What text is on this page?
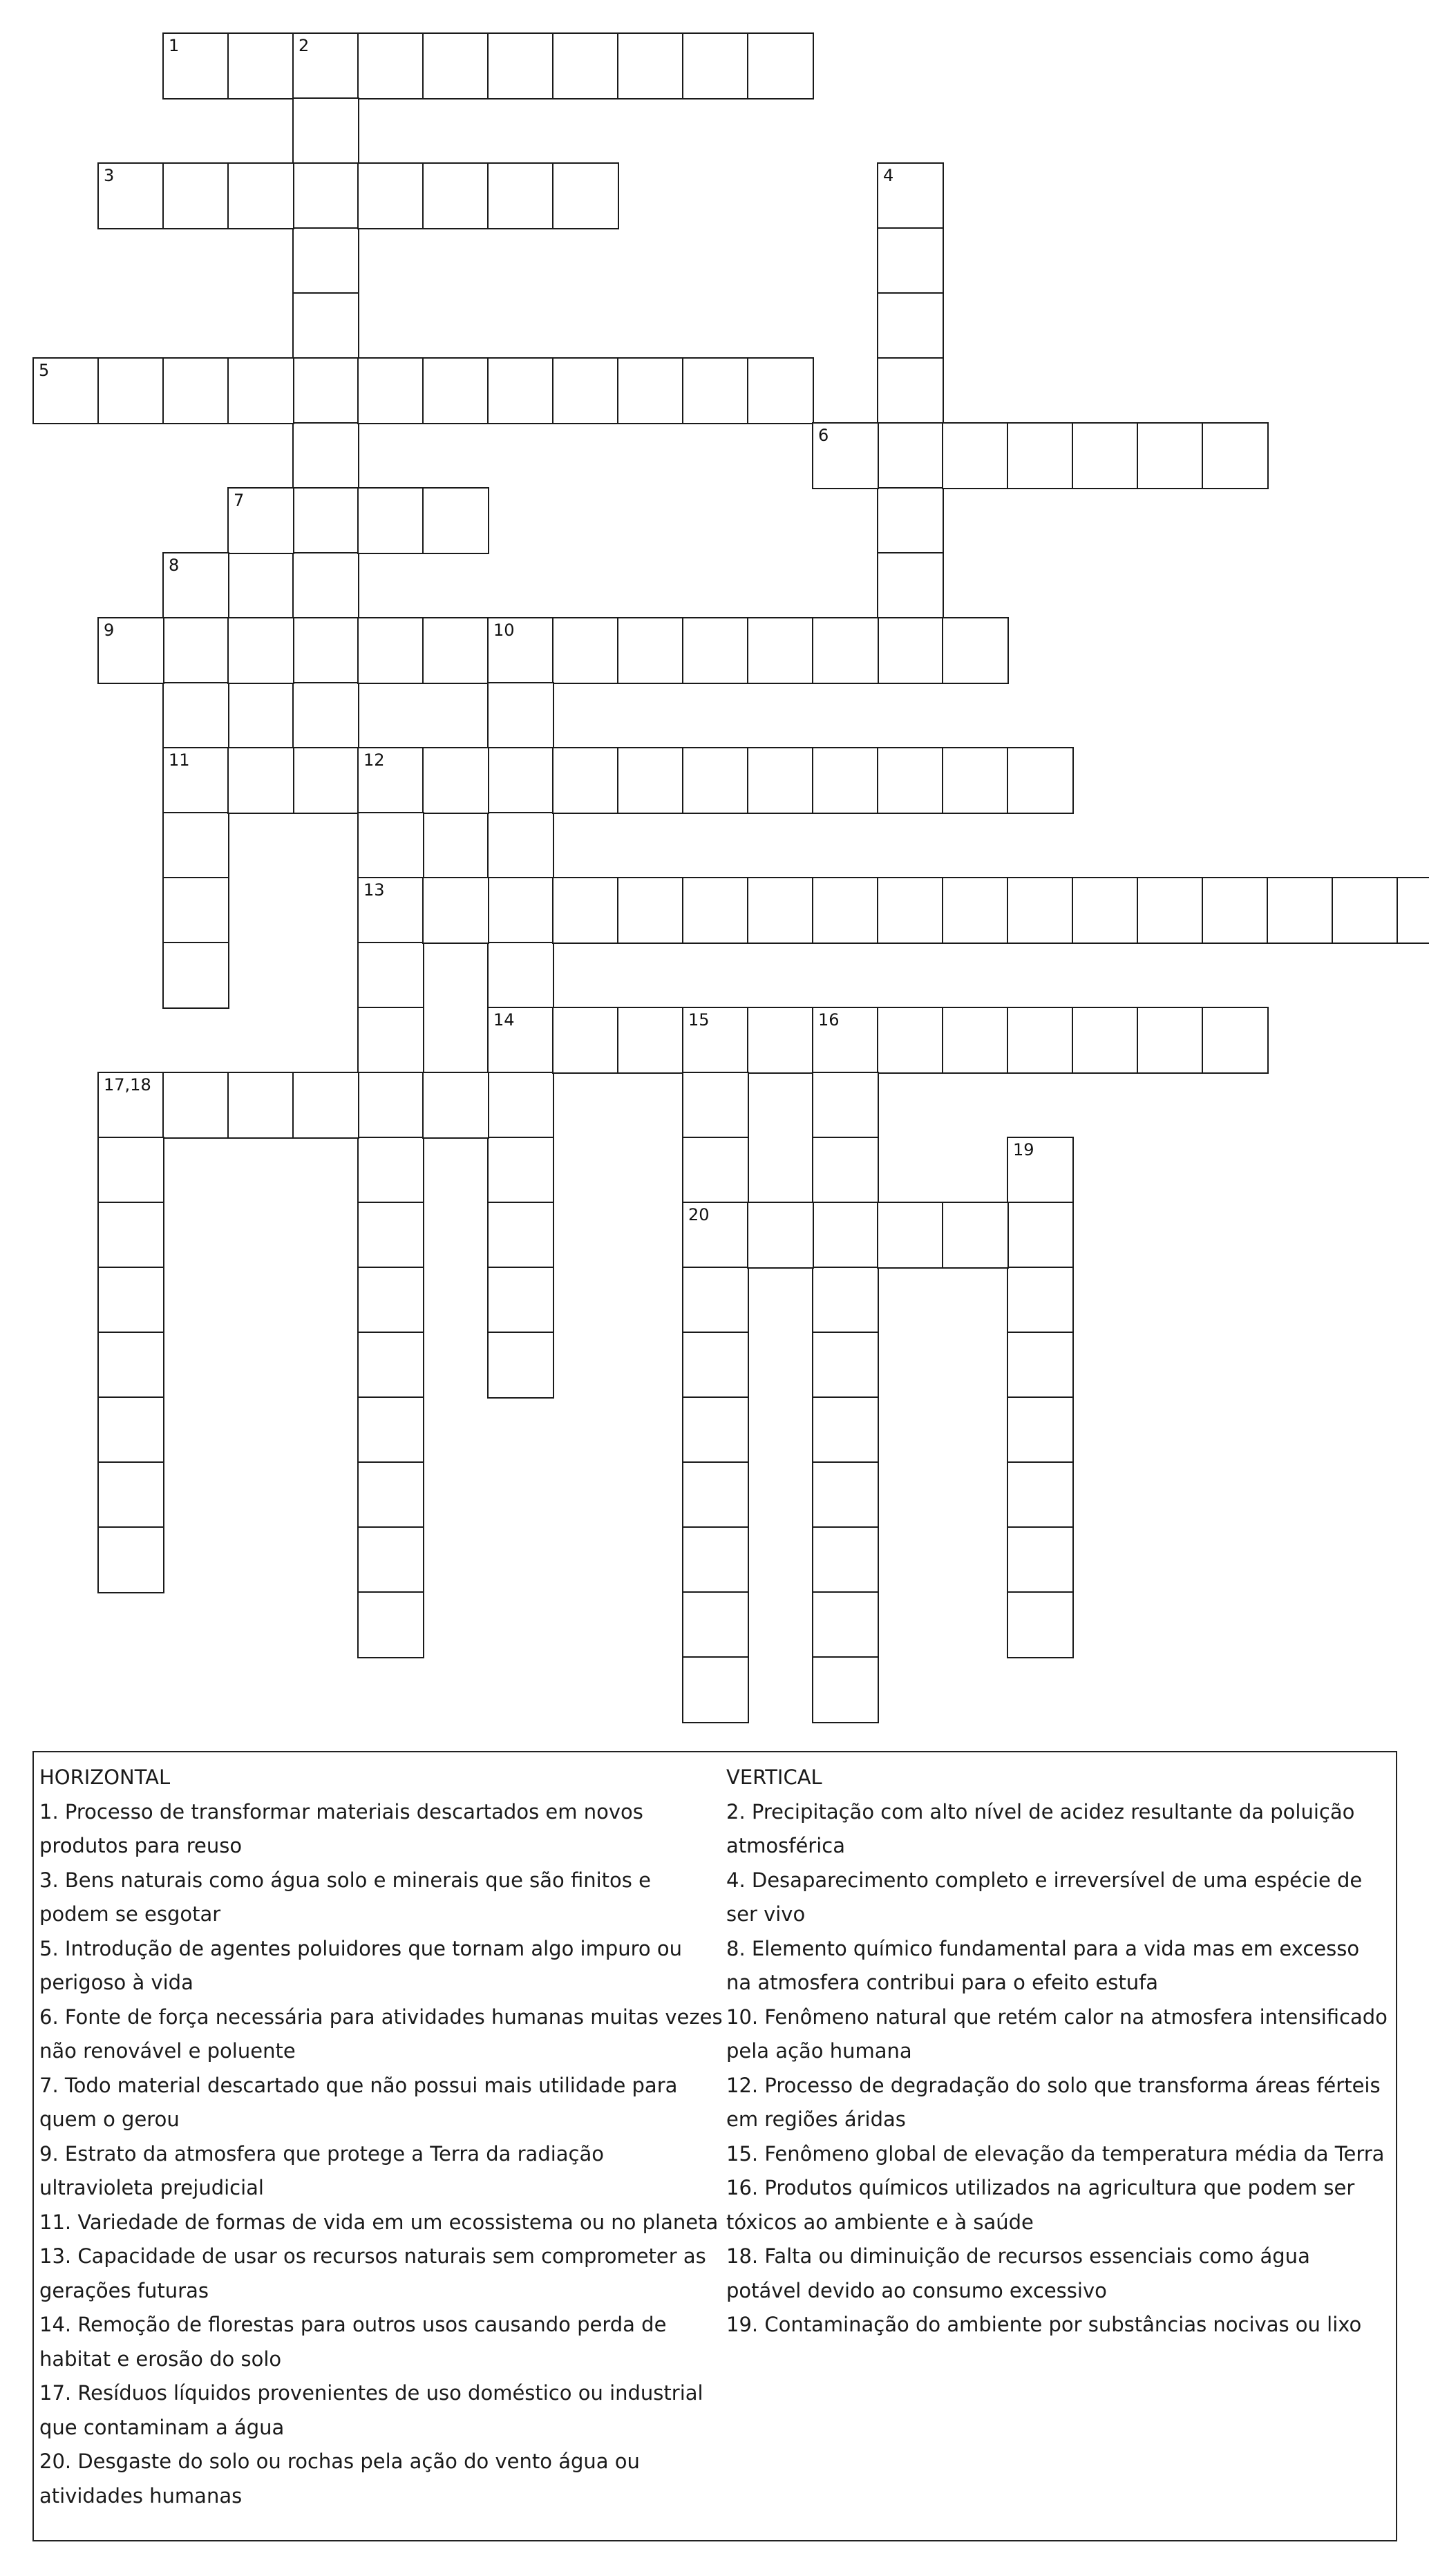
1	2
3	4
5
6
7
8
11
9	10
14
12
13
15	16
20
17,18
19
HORIZONTAL
1. Processo de transformar materiais descartados em novos produtos para reuso
3. Bens naturais como água solo e minerais que são finitos e podem se esgotar
5. Introdução de agentes poluidores que tornam algo impuro ou perigoso à vida
6. Fonte de força necessária para atividades humanas muitas vezes não renovável e poluente
7. Todo material descartado que não possui mais utilidade para quem o gerou
9. Estrato da atmosfera que protege a Terra da radiação ultravioleta prejudicial
11. Variedade de formas de vida em um ecossistema ou no planeta
13. Capacidade de usar os recursos naturais sem comprometer as gerações futuras
14. Remoção de florestas para outros usos causando perda de habitat e erosão do solo
17. Resíduos líquidos provenientes de uso doméstico ou industrial que contaminam a água
20. Desgaste do solo ou rochas pela ação do vento água ou atividades humanas
VERTICAL
2. Precipitação com alto nível de acidez resultante da poluição atmosférica
4. Desaparecimento completo e irreversível de uma espécie de ser vivo
8. Elemento químico fundamental para a vida mas em excesso na atmosfera contribui para o efeito estufa
10. Fenômeno natural que retém calor na atmosfera intensificado pela ação humana
12. Processo de degradação do solo que transforma áreas férteis em regiões áridas
15. Fenômeno global de elevação da temperatura média da Terra
16. Produtos químicos utilizados na agricultura que podem ser tóxicos ao ambiente e à saúde
18. Falta ou diminuição de recursos essenciais como água potável devido ao consumo excessivo
19. Contaminação do ambiente por substâncias nocivas ou lixo
